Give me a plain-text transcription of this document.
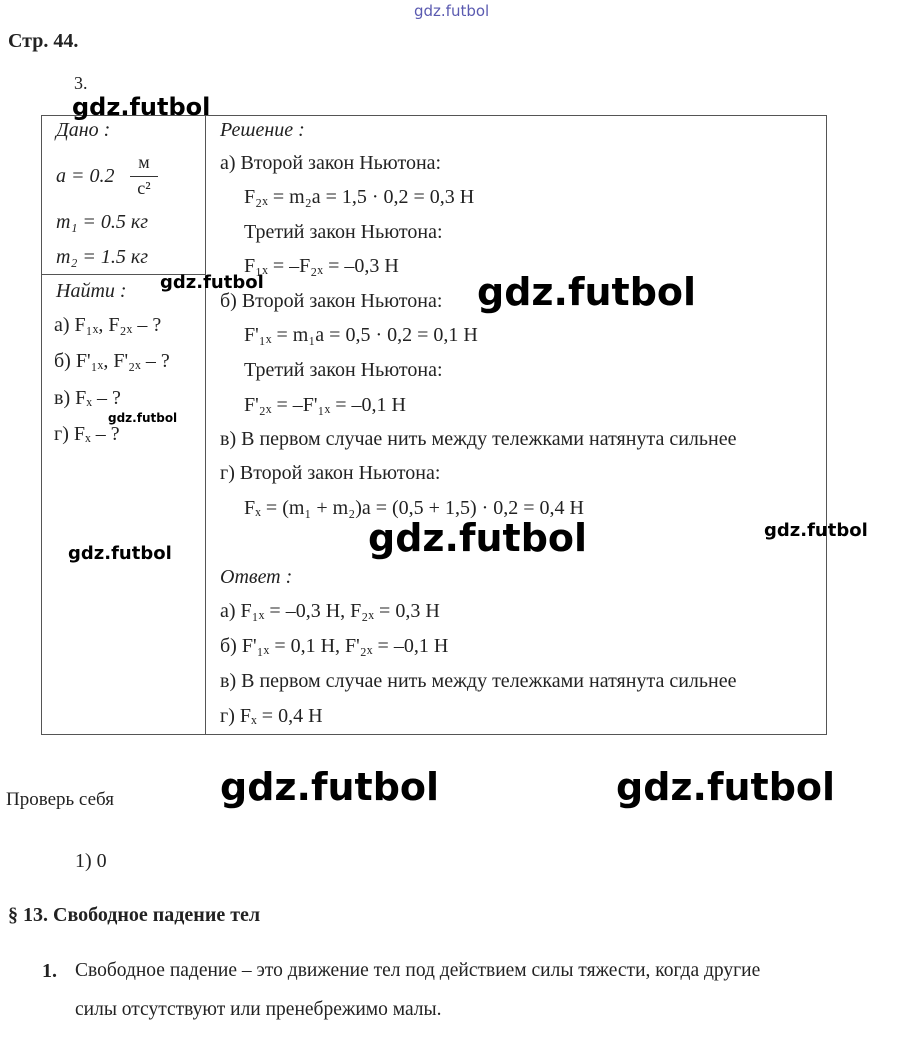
gdz.futbol
Стр. 44.
3.
Дано :
a = 0.2
м
с²
m₁ = 0.5 кг
m₂ = 1.5 кг
Найти :
а) F₁ₓ, F₂ₓ – ?
б) F'₁ₓ, F'₂ₓ – ?
в) Fₓ – ?
г) Fₓ – ?
Решение :
а) Второй закон Ньютона:
F₂ₓ = m₂a = 1,5 · 0,2 = 0,3 Н
Третий закон Ньютона:
F₁ₓ = –F₂ₓ = –0,3 Н
б) Второй закон Ньютона:
F'₁ₓ = m₁a = 0,5 · 0,2 = 0,1 Н
Третий закон Ньютона:
F'₂ₓ = –F'₁ₓ = –0,1 Н
в) В первом случае нить между тележками натянута сильнее
г) Второй закон Ньютона:
Fₓ = (m₁ + m₂)a = (0,5 + 1,5) · 0,2 = 0,4 Н
Ответ :
а) F₁ₓ = –0,3 Н, F₂ₓ = 0,3 Н
б) F'₁ₓ = 0,1 Н, F'₂ₓ = –0,1 Н
в) В первом случае нить между тележками натянута сильнее
г) Fₓ = 0,4 Н
Проверь себя
1) 0
§ 13. Свободное падение тел
1. Свободное падение – это движение тел под действием силы тяжести, когда другие
силы отсутствуют или пренебрежимо малы.
gdz.futbol
gdz.futbol	gdz.futbol
gdz.futbol
gdz.futbol
gdz.futbol
gdz.futbol
gdz.futbol	gdz.futbol
